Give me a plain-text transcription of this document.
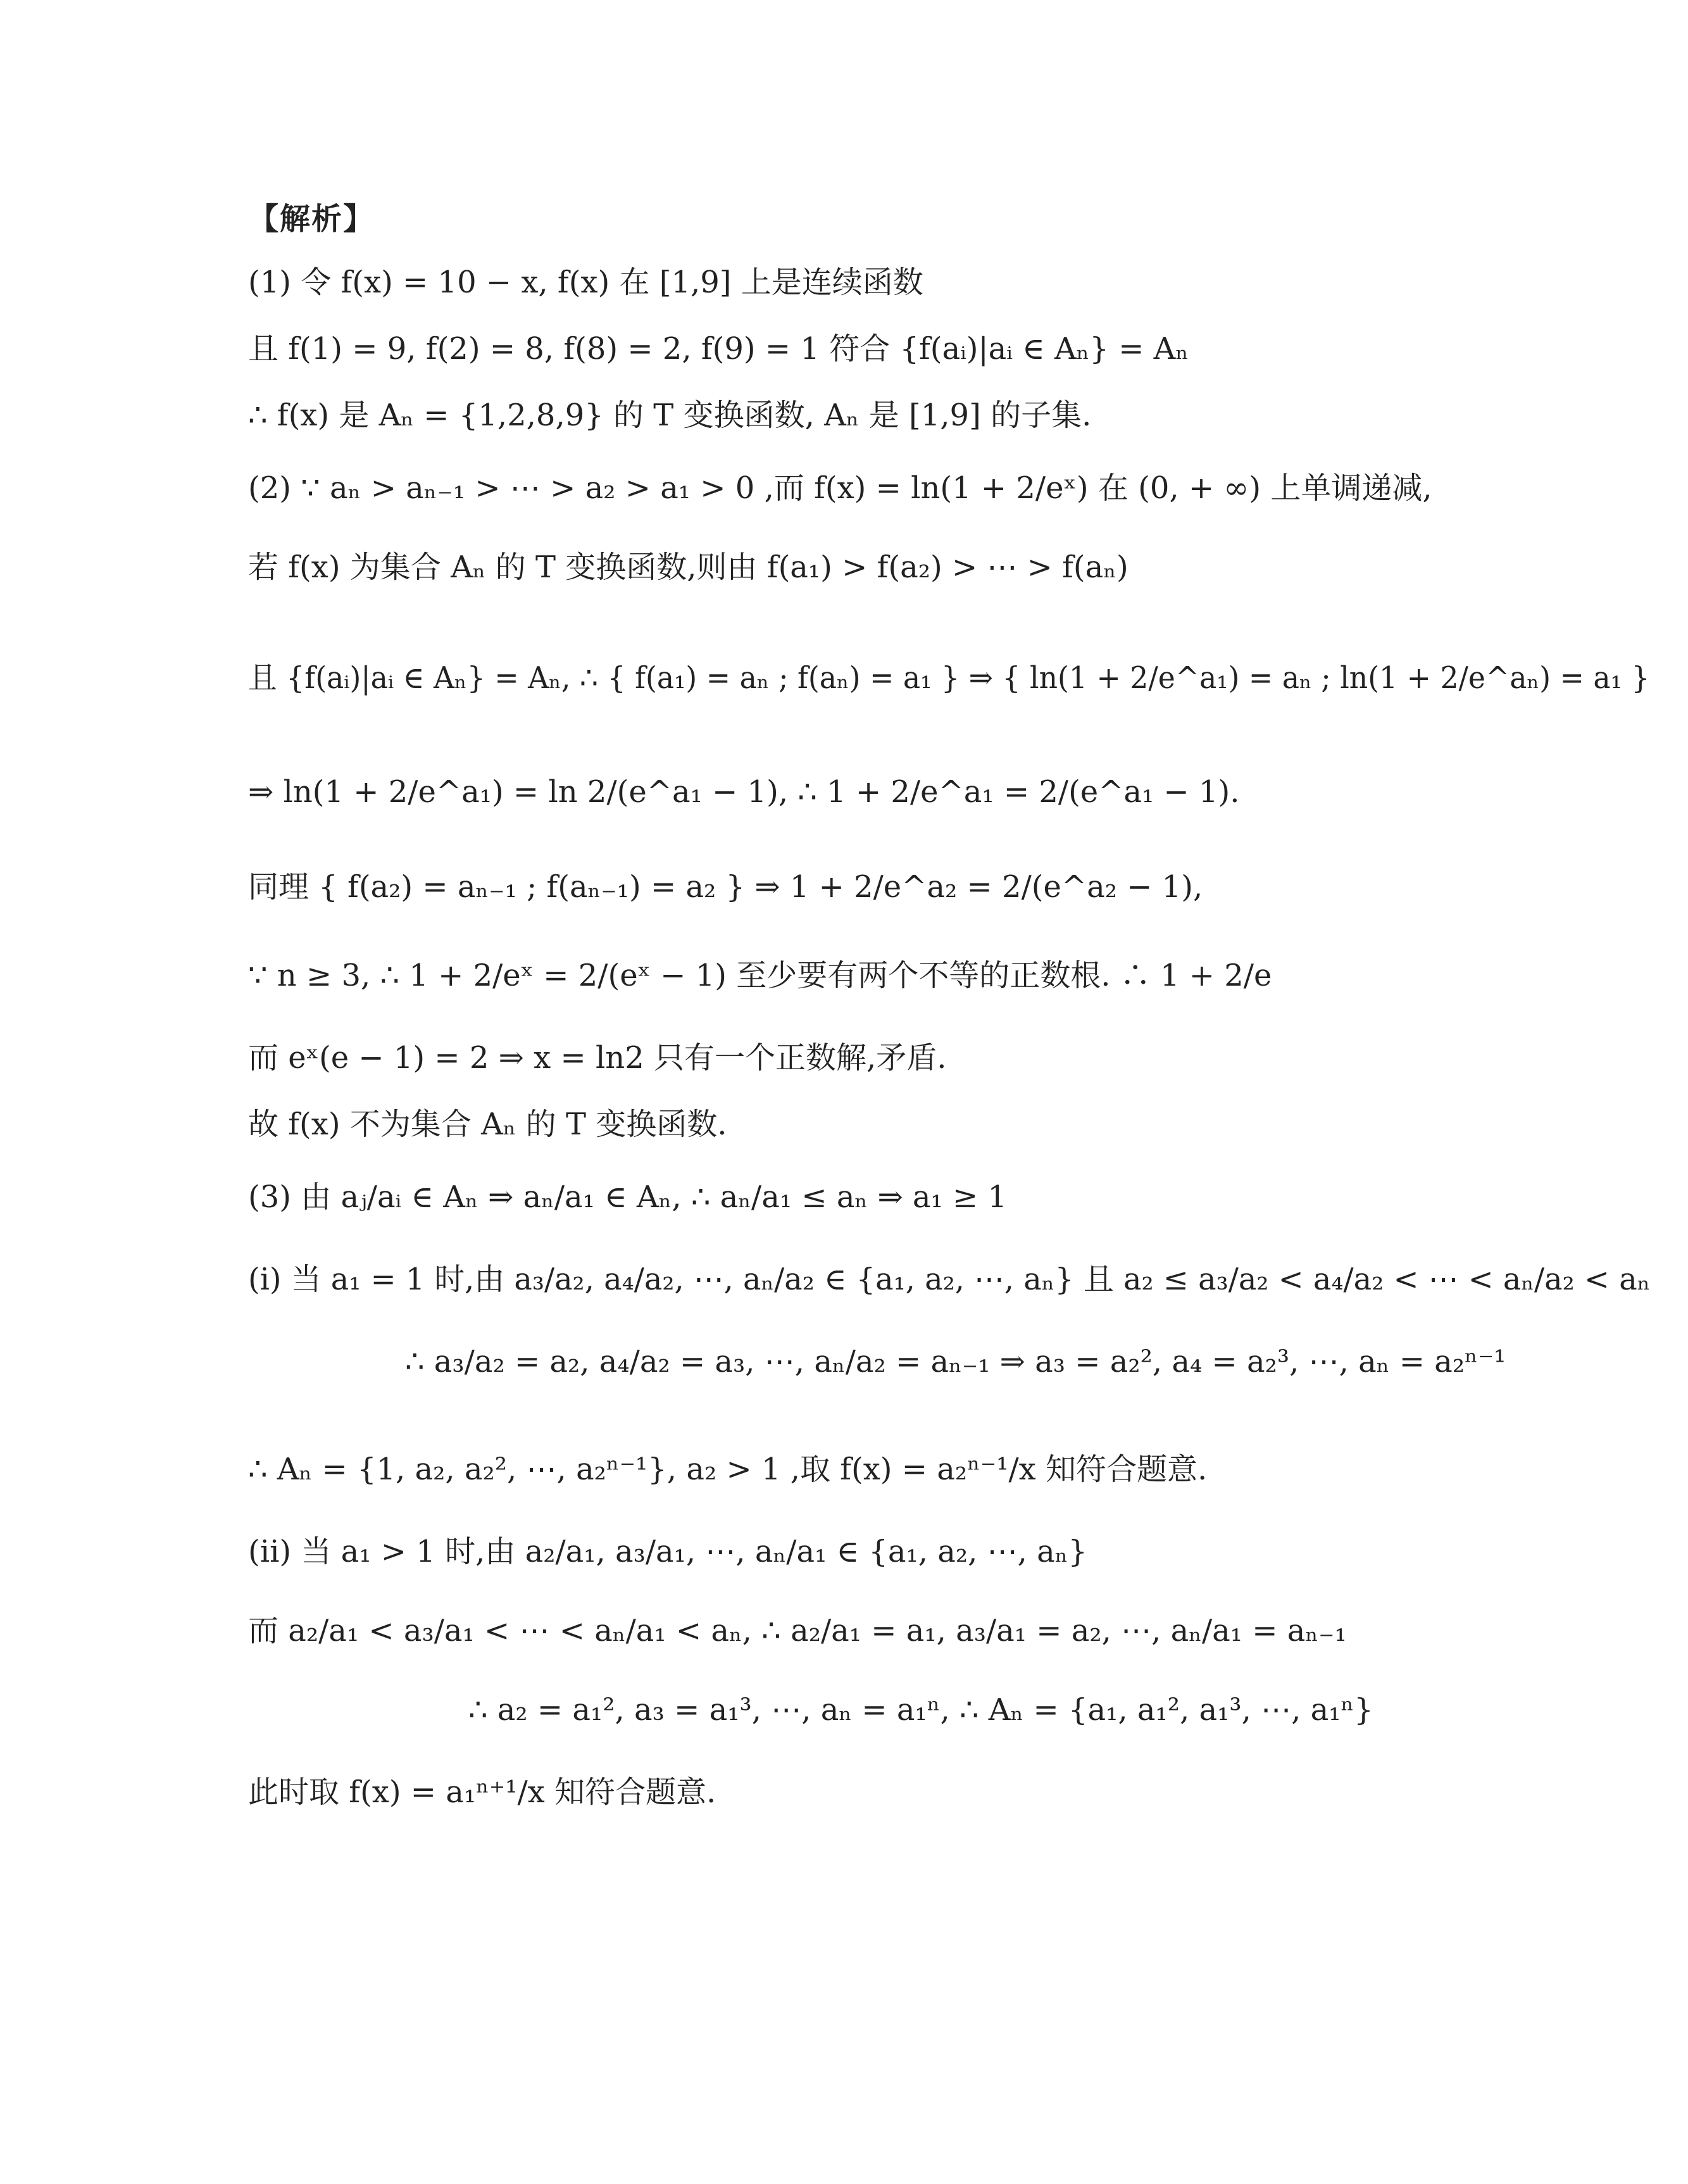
【解析】
(1) 令 f(x) = 10 − x, f(x) 在 [1,9] 上是连续函数
且 f(1) = 9, f(2) = 8, f(8) = 2, f(9) = 1 符合 {f(aᵢ)|aᵢ ∈ Aₙ} = Aₙ
∴ f(x) 是 Aₙ = {1,2,8,9} 的 T 变换函数, Aₙ 是 [1,9] 的子集.
(2) ∵ aₙ > aₙ₋₁ > ⋯ > a₂ > a₁ > 0 ,而 f(x) = ln(1 + 2/eˣ) 在 (0, + ∞) 上单调递减,
若 f(x) 为集合 Aₙ 的 T 变换函数,则由 f(a₁) > f(a₂) > ⋯ > f(aₙ)
且 {f(aᵢ)|aᵢ ∈ Aₙ} = Aₙ, ∴ { f(a₁) = aₙ ; f(aₙ) = a₁ } ⇒ { ln(1 + 2/e^a₁) = aₙ ; ln(1 + 2/e^aₙ) = a₁ }
⇒ ln(1 + 2/e^a₁) = ln 2/(e^a₁ − 1), ∴ 1 + 2/e^a₁ = 2/(e^a₁ − 1).
同理 { f(a₂) = aₙ₋₁ ; f(aₙ₋₁) = a₂ } ⇒ 1 + 2/e^a₂ = 2/(e^a₂ − 1),
∵ n ≥ 3, ∴ 1 + 2/eˣ = 2/(eˣ − 1) 至少要有两个不等的正数根. ∴ 1 + 2/e
而 eˣ(e − 1) = 2 ⇒ x = ln2 只有一个正数解,矛盾.
故 f(x) 不为集合 Aₙ 的 T 变换函数.
(3) 由 aⱼ/aᵢ ∈ Aₙ ⇒ aₙ/a₁ ∈ Aₙ, ∴ aₙ/a₁ ≤ aₙ ⇒ a₁ ≥ 1
(i) 当 a₁ = 1 时,由 a₃/a₂, a₄/a₂, ⋯, aₙ/a₂ ∈ {a₁, a₂, ⋯, aₙ} 且 a₂ ≤ a₃/a₂ < a₄/a₂ < ⋯ < aₙ/a₂ < aₙ
∴ a₃/a₂ = a₂, a₄/a₂ = a₃, ⋯, aₙ/a₂ = aₙ₋₁ ⇒ a₃ = a₂², a₄ = a₂³, ⋯, aₙ = a₂ⁿ⁻¹
∴ Aₙ = {1, a₂, a₂², ⋯, a₂ⁿ⁻¹}, a₂ > 1 ,取 f(x) = a₂ⁿ⁻¹/x 知符合题意.
(ii) 当 a₁ > 1 时,由 a₂/a₁, a₃/a₁, ⋯, aₙ/a₁ ∈ {a₁, a₂, ⋯, aₙ}
而 a₂/a₁ < a₃/a₁ < ⋯ < aₙ/a₁ < aₙ, ∴ a₂/a₁ = a₁, a₃/a₁ = a₂, ⋯, aₙ/a₁ = aₙ₋₁
∴ a₂ = a₁², a₃ = a₁³, ⋯, aₙ = a₁ⁿ, ∴ Aₙ = {a₁, a₁², a₁³, ⋯, a₁ⁿ}
此时取 f(x) = a₁ⁿ⁺¹/x 知符合题意.
